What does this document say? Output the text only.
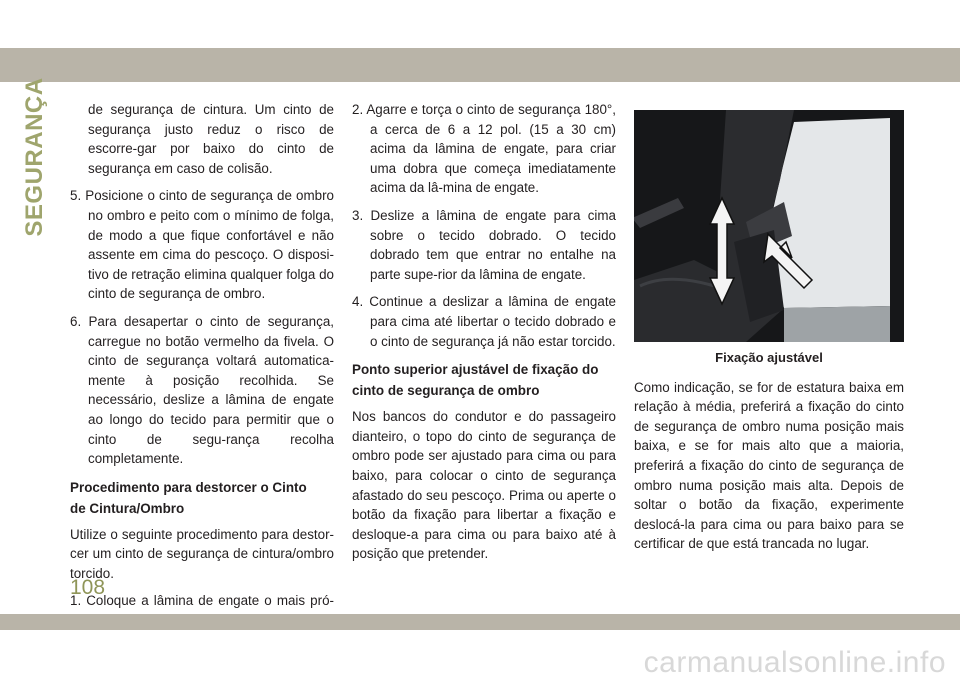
SEGURANÇA	de segurança de cintura. Um cinto de segurança justo reduz o risco de escorre-gar por baixo do cinto de segurança em caso de colisão.

5. Posicione o cinto de segurança de ombro no ombro e peito com o mínimo de folga, de modo a que fique confortável e não assente em cima do pescoço. O disposi-tivo de retração elimina qualquer folga do cinto de segurança de ombro.

6. Para desapertar o cinto de segurança, carregue no botão vermelho da fivela. O cinto de segurança voltará automatica-mente à posição recolhida. Se necessário, deslize a lâmina de engate ao longo do tecido para permitir que o cinto de segu-rança recolha completamente.

Procedimento para destorcer o Cinto de Cintura/Ombro

Utilize o seguinte procedimento para destor-cer um cinto de segurança de cintura/ombro torcido.

1. Coloque a lâmina de engate o mais pró-

2. Agarre e torça o cinto de segurança 180°, a cerca de 6 a 12 pol. (15 a 30 cm) acima da lâmina de engate, para criar uma dobra que começa imediatamente acima da lâ-mina de engate.

3. Deslize a lâmina de engate para cima sobre o tecido dobrado. O tecido dobrado tem que entrar no entalhe na parte supe-rior da lâmina de engate.

4. Continue a deslizar a lâmina de engate para cima até libertar o tecido dobrado e o cinto de segurança já não estar torcido.

Ponto superior ajustável de fixação do cinto de segurança de ombro

Nos bancos do condutor e do passageiro dianteiro, o topo do cinto de segurança de ombro pode ser ajustado para cima ou para baixo, para colocar o cinto de segurança afastado do seu pescoço. Prima ou aperte o botão da fixação para libertar a fixação e desloque-a para cima ou para baixo até à posição que pretender.

Fixação ajustável

Como indicação, se for de estatura baixa em relação à média, preferirá a fixação do cinto de segurança de ombro numa posição mais baixa, e se for mais alto que a maioria, preferirá a fixação do cinto de segurança de ombro numa posição mais alta. Depois de soltar o botão da fixação, experimente deslocá-la para cima ou para baixo para se certificar de que está trancada no lugar.

108
carmanualsonline.info
